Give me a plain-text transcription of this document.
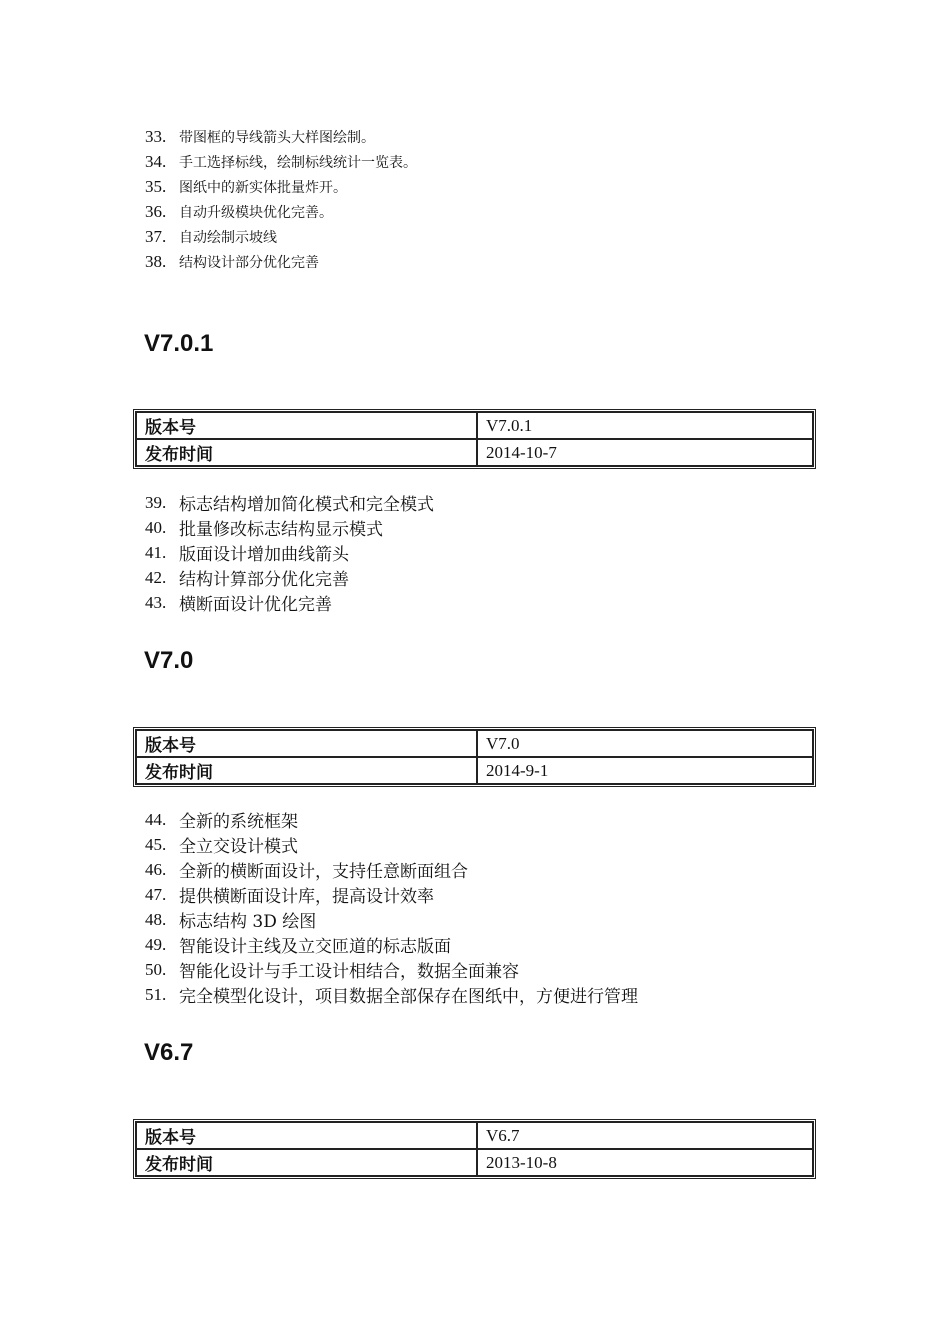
33. 带图框的导线箭头大样图绘制。
34. 手工选择标线，绘制标线统计一览表。
35. 图纸中的新实体批量炸开。
36. 自动升级模块优化完善。
37. 自动绘制示坡线
38. 结构设计部分优化完善
V7.0.1
版本号	V7.0.1
发布时间	2014-10-7
39. 标志结构增加简化模式和完全模式
40. 批量修改标志结构显示模式
41. 版面设计增加曲线箭头
42. 结构计算部分优化完善
43. 横断面设计优化完善
V7.0
版本号	V7.0
发布时间	2014-9-1
44. 全新的系统框架
45. 全立交设计模式
46. 全新的横断面设计，支持任意断面组合
47. 提供横断面设计库，提高设计效率
48. 标志结构 3D 绘图
49. 智能设计主线及立交匝道的标志版面
50. 智能化设计与手工设计相结合，数据全面兼容
51. 完全模型化设计，项目数据全部保存在图纸中，方便进行管理
V6.7
版本号	V6.7
发布时间	2013-10-8
